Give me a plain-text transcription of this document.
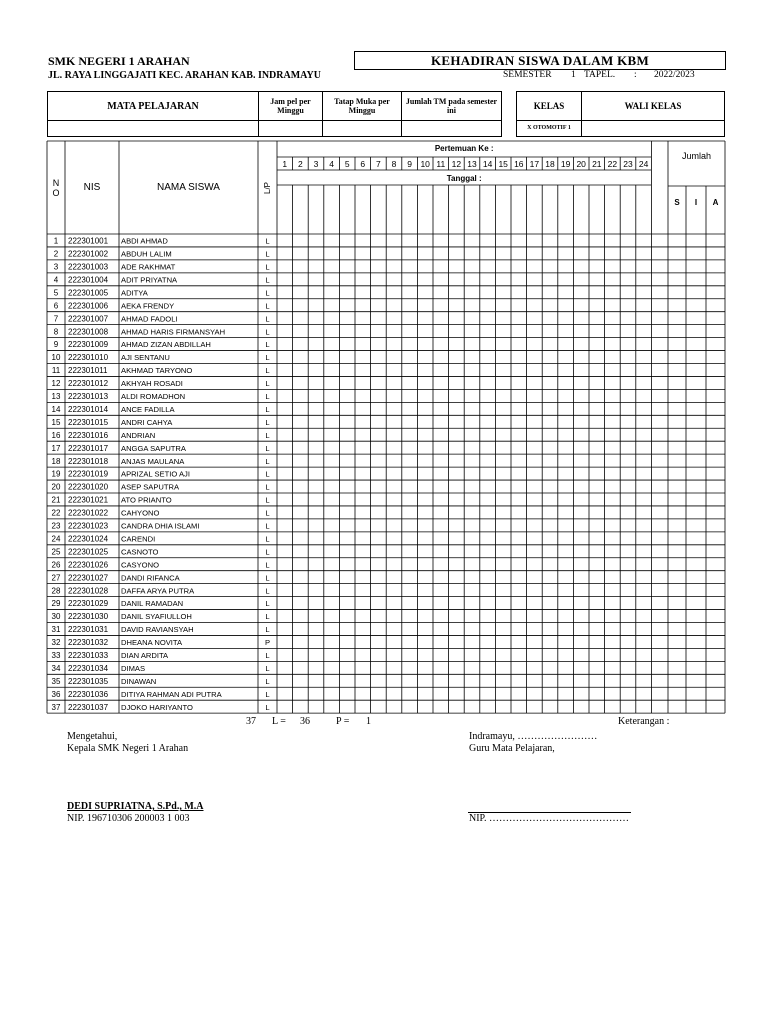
SMK NEGERI 1 ARAHAN
JL. RAYA LINGGAJATI KEC. ARAHAN KAB. INDRAMAYU
KEHADIRAN SISWA DALAM KBM
SEMESTER 1 TAPEL. : 2022/2023
MATA PELAJARAN	Jam pel per Minggu	Tatap Muka per Minggu	Jumlah TM pada semester ini		KELAS	WALI KELAS
					X OTOMOTIF 1	
N
O NIS	NAMA SISWA	L/P
Pertemuan Ke :
Tanggal :
Jumlah
S I A
1 2 3 4 5 6 7 8 9 10 11 12 13 14 15 16 17 18 19 20 21 22 23 24
1 222301001 ABDI AHMAD	L
2 222301002 ABDUH LALIM	L
3 222301003 ADE RAKHMAT	L
4 222301004 ADIT PRIYATNA	L
5 222301005 ADITYA	L
6 222301006 AEKA FRENDY	L
7 222301007 AHMAD FADOLI	L
8 222301008 AHMAD HARIS FIRMANSYAH	L
9 222301009 AHMAD ZIZAN ABDILLAH	L
10 222301010 AJI SENTANU	L
11 222301011 AKHMAD TARYONO	L
12 222301012 AKHYAH ROSADI	L
13 222301013 ALDI ROMADHON	L
14 222301014 ANCE FADILLA	L
15 222301015 ANDRI CAHYA	L
16 222301016 ANDRIAN	L
17 222301017 ANGGA SAPUTRA	L
18 222301018 ANJAS MAULANA	L
19 222301019 APRIZAL SETIO AJI	L
20 222301020 ASEP SAPUTRA	L
21 222301021 ATO PRIANTO	L
22 222301022 CAHYONO	L
23 222301023 CANDRA DHIA ISLAMI	L
24 222301024 CARENDI	L
25 222301025 CASNOTO	L
26 222301026 CASYONO	L
27 222301027 DANDI RIFANCA	L
28 222301028 DAFFA ARYA PUTRA	L
29 222301029 DANIL RAMADAN	L
30 222301030 DANIL SYAFIULLOH	L
31 222301031 DAVID RAVIANSYAH	L
32 222301032 DHEANA NOVITA	P
33 222301033 DIAN ARDITA	L
34 222301034 DIMAS	L
35 222301035 DINAWAN	L
36 222301036 DITIYA RAHMAN ADI PUTRA	L
37 222301037 DJOKO HARIYANTO	L
37 L = 36	P = 1	Keterangan :
Mengetahui,
Kepala SMK Negeri 1 Arahan
Indramayu, ……………………
Guru Mata Pelajaran,
DEDI SUPRIATNA, S.Pd., M.A
NIP. 196710306 200003 1 003	NIP. ……………………………………
